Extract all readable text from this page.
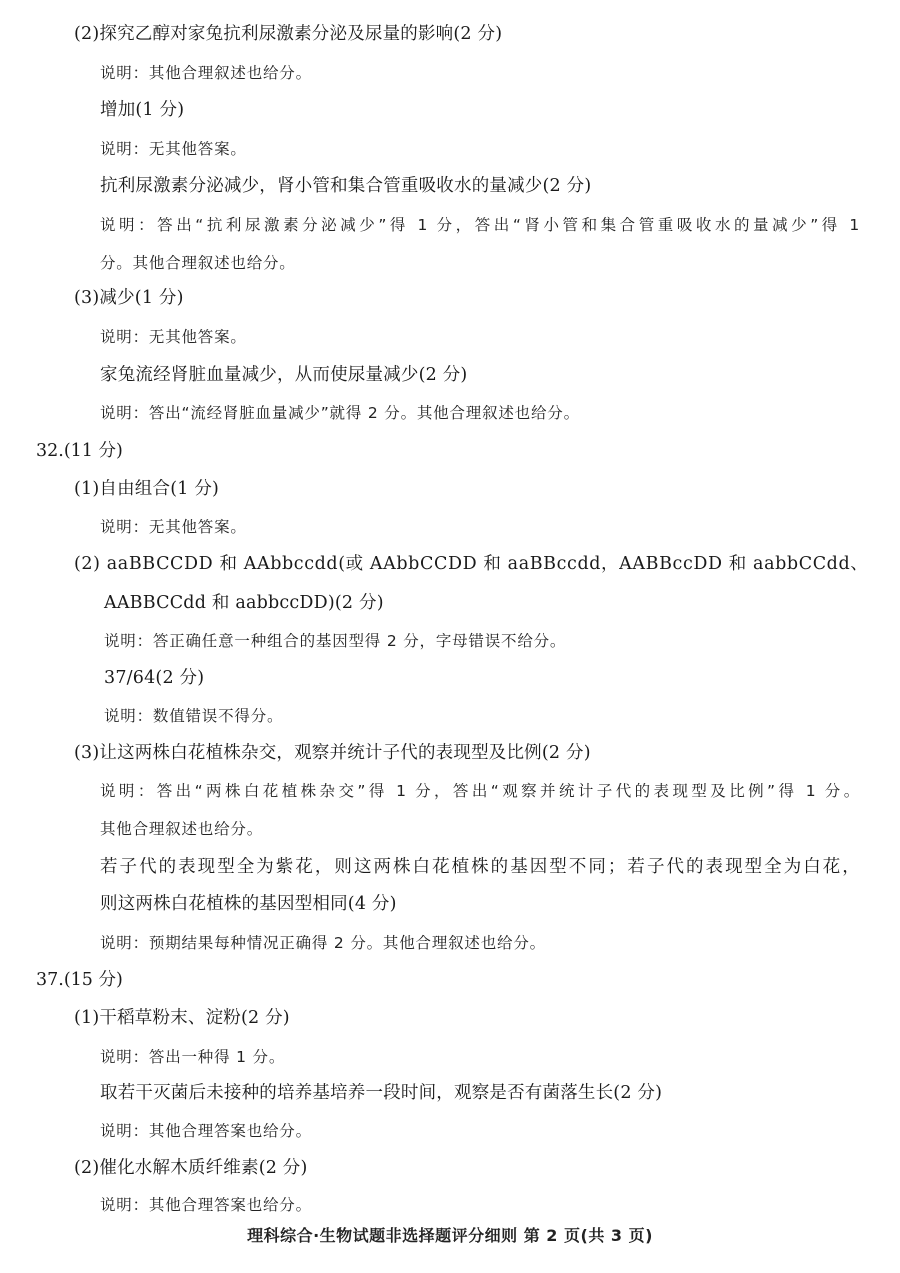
(2)探究乙醇对家兔抗利尿激素分泌及尿量的影响(2 分)
说明：其他合理叙述也给分。
增加(1 分)
说明：无其他答案。
抗利尿激素分泌减少，肾小管和集合管重吸收水的量减少(2 分)
说明：答出“抗利尿激素分泌减少”得 1 分，答出“肾小管和集合管重吸收水的量减少”得 1
分。其他合理叙述也给分。
(3)减少(1 分)
说明：无其他答案。
家兔流经肾脏血量减少，从而使尿量减少(2 分)
说明：答出“流经肾脏血量减少”就得 2 分。其他合理叙述也给分。
32.(11 分)
(1)自由组合(1 分)
说明：无其他答案。
(2) aaBBCCDD 和 AAbbccdd(或 AAbbCCDD 和 aaBBccdd，AABBccDD 和 aabbCCdd、
AABBCCdd 和 aabbccDD)(2 分)
说明：答正确任意一种组合的基因型得 2 分，字母错误不给分。
37/64(2 分)
说明：数值错误不得分。
(3)让这两株白花植株杂交，观察并统计子代的表现型及比例(2 分)
说明：答出“两株白花植株杂交”得 1 分，答出“观察并统计子代的表现型及比例”得 1 分。
其他合理叙述也给分。
若子代的表现型全为紫花，则这两株白花植株的基因型不同；若子代的表现型全为白花，
则这两株白花植株的基因型相同(4 分)
说明：预期结果每种情况正确得 2 分。其他合理叙述也给分。
37.(15 分)
(1)干稻草粉末、淀粉(2 分)
说明：答出一种得 1 分。
取若干灭菌后未接种的培养基培养一段时间，观察是否有菌落生长(2 分)
说明：其他合理答案也给分。
(2)催化水解木质纤维素(2 分)
说明：其他合理答案也给分。
理科综合·生物试题非选择题评分细则 第 2 页(共 3 页)
